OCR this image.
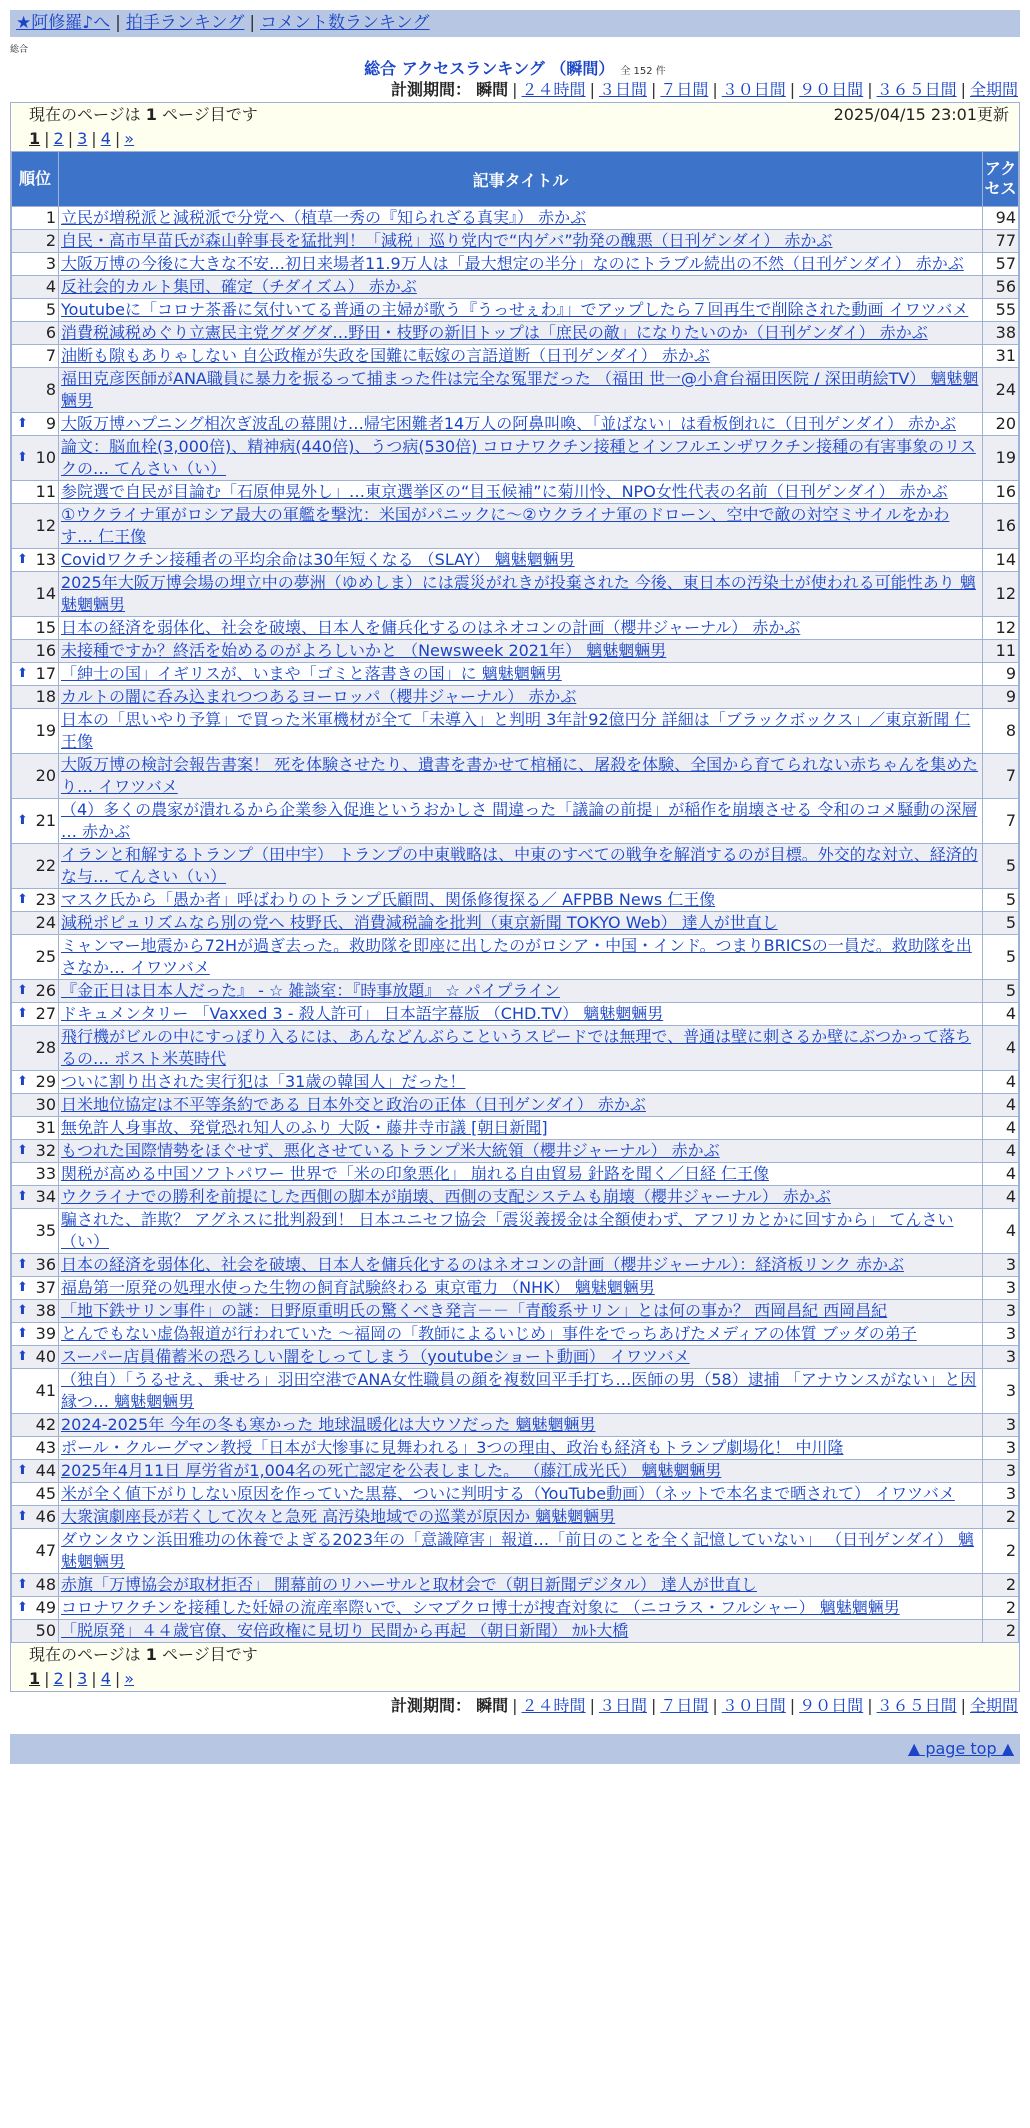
★阿修羅♪へ | 拍手ランキング | コメント数ランキング
総合
総合 アクセスランキング （瞬間） 全 152 件
計測期間： 瞬間 | ２４時間 | ３日間 | ７日間 | ３０日間 | ９０日間 | ３６５日間 | 全期間
現在のページは 1 ページ目です	2025/04/15 23:01更新
1 | 2 | 3 | 4 | »
順位	記事タイトル	アクセス
1	立民が増税派と減税派で分党へ（植草一秀の『知られざる真実』） 赤かぶ	94
2	自民・高市早苗氏が森山幹事長を猛批判！「減税」巡り党内で“内ゲバ”勃発の醜悪（日刊ゲンダイ） 赤かぶ	77
3	大阪万博の今後に大きな不安…初日来場者11.9万人は「最大想定の半分」なのにトラブル続出の不然（日刊ゲンダイ） 赤かぶ	57
4	反社会的カルト集団、確定（チダイズム） 赤かぶ	56
5	Youtubeに「コロナ茶番に気付いてる普通の主婦が歌う『うっせぇわ』」でアップしたら７回再生で削除された動画 イワツバメ	55
6	消費税減税めぐり立憲民主党グダグダ…野田・枝野の新旧トップは「庶民の敵」になりたいのか（日刊ゲンダイ） 赤かぶ	38
7	油断も隙もありゃしない 自公政権が失政を国難に転嫁の言語道断（日刊ゲンダイ） 赤かぶ	31
8	福田克彦医師がANA職員に暴力を振るって捕まった件は完全な冤罪だった （福田 世一@小倉台福田医院 / 深田萌絵TV） 魑魅魍魎男	24

⬆ 9	大阪万博ハプニング相次ぎ波乱の幕開け…帰宅困難者14万人の阿鼻叫喚、「並ばない」は看板倒れに（日刊ゲンダイ） 赤かぶ	20

⬆ 10	論文：脳血栓(3,000倍)、精神病(440倍)、うつ病(530倍) コロナワクチン接種とインフルエンザワクチン接種の有害事象のリスクの… てんさい（い）	19
11	参院選で自民が目論む「石原伸晃外し」…東京選挙区の“目玉候補”に菊川怜、NPO女性代表の名前（日刊ゲンダイ） 赤かぶ	16
12	①ウクライナ軍がロシア最大の軍艦を撃沈：米国がパニックに～②ウクライナ軍のドローン、空中で敵の対空ミサイルをかわす… 仁王像	16

⬆ 13	Covidワクチン接種者の平均余命は30年短くなる （SLAY） 魑魅魍魎男	14
14	2025年大阪万博会場の埋立中の夢洲（ゆめしま）には震災がれきが投棄された 今後、東日本の汚染土が使われる可能性あり 魑魅魍魎男	12
15	日本の経済を弱体化、社会を破壊、日本人を傭兵化するのはネオコンの計画（櫻井ジャーナル） 赤かぶ	12
16	未接種ですか？終活を始めるのがよろしいかと （Newsweek 2021年） 魑魅魍魎男	11

⬆ 17	「紳士の国」イギリスが、いまや「ゴミと落書きの国」に 魑魅魍魎男	9
18	カルトの闇に呑み込まれつつあるヨーロッパ（櫻井ジャーナル） 赤かぶ	9
19	日本の「思いやり予算」で買った米軍機材が全て「未導入」と判明 3年計92億円分 詳細は「ブラックボックス」／東京新聞 仁王像	8
20	大阪万博の検討会報告書案！ 死を体験させたり、遺書を書かせて棺桶に、屠殺を体験、全国から育てられない赤ちゃんを集めたり… イワツバメ	7

⬆ 21	（4）多くの農家が潰れるから企業参入促進というおかしさ 間違った「議論の前提」が稲作を崩壊させる 令和のコメ騒動の深層 … 赤かぶ	7
22	イランと和解するトランプ（田中宇） トランプの中東戦略は、中東のすべての戦争を解消するのが目標。外交的な対立、経済的な与… てんさい（い）	5

⬆ 23	マスク氏から「愚か者」呼ばわりのトランプ氏顧問、関係修復探る／ AFPBB News 仁王像	5
24	減税ポピュリズムなら別の党へ 枝野氏、消費減税論を批判（東京新聞 TOKYO Web） 達人が世直し	5
25	ミャンマー地震から72Hが過ぎ去った。救助隊を即座に出したのがロシア・中国・インド。つまりBRICSの一員だ。救助隊を出さなか… イワツバメ	5

⬆ 26	『金正日は日本人だった』 - ☆ 雑談室：『時事放題』 ☆ パイプライン	5

⬆ 27	ドキュメンタリー 「Vaxxed 3 - 殺人許可」 日本語字幕版 （CHD.TV） 魑魅魍魎男	4
28	飛行機がビルの中にすっぽり入るには、あんなどんぶらこというスピードでは無理で、普通は壁に刺さるか壁にぶつかって落ちるの… ポスト米英時代	4

⬆ 29	ついに割り出された実行犯は「31歳の韓国人」だった！	4
30	日米地位協定は不平等条約である 日本外交と政治の正体（日刊ゲンダイ） 赤かぶ	4
31	無免許人身事故、発覚恐れ知人のふり 大阪・藤井寺市議 [朝日新聞]	4

⬆ 32	もつれた国際情勢をほぐせず、悪化させているトランプ米大統領（櫻井ジャーナル） 赤かぶ	4
33	関税が高める中国ソフトパワー 世界で「米の印象悪化」 崩れる自由貿易 針路を聞く／日経 仁王像	4

⬆ 34	ウクライナでの勝利を前提にした西側の脚本が崩壊、西側の支配システムも崩壊（櫻井ジャーナル） 赤かぶ	4
35	騙された、詐欺？ アグネスに批判殺到！ 日本ユニセフ協会「震災義援金は全額使わず、アフリカとかに回すから」 てんさい（い）	4

⬆ 36	日本の経済を弱体化、社会を破壊、日本人を傭兵化するのはネオコンの計画（櫻井ジャーナル）：経済板リンク 赤かぶ	3

⬆ 37	福島第一原発の処理水使った生物の飼育試験終わる 東京電力 （NHK） 魑魅魍魎男	3

⬆ 38	「地下鉄サリン事件」の謎：日野原重明氏の驚くべき発言－－「青酸系サリン」とは何の事か？ 西岡昌紀 西岡昌紀	3

⬆ 39	とんでもない虚偽報道が行われていた ～福岡の「教師によるいじめ」事件をでっちあげたメディアの体質 ブッダの弟子	3

⬆ 40	スーパー店員備蓄米の恐ろしい闇をしってしまう（youtubeショート動画） イワツバメ	3
41	（独自）「うるせえ、乗せろ」羽田空港でANA女性職員の顔を複数回平手打ち…医師の男（58）逮捕 「アナウンスがない」と因縁つ… 魑魅魍魎男	3
42	2024-2025年 今年の冬も寒かった 地球温暖化は大ウソだった 魑魅魍魎男	3
43	ポール・クルーグマン教授「日本が大惨事に見舞われる」3つの理由、政治も経済もトランプ劇場化！ 中川隆	3

⬆ 44	2025年4月11日 厚労省が1,004名の死亡認定を公表しました。 （藤江成光氏） 魑魅魍魎男	3
45	米が全く値下がりしない原因を作っていた黒幕、ついに判明する（YouTube動画）（ネットで本名まで晒されて） イワツバメ	3

⬆ 46	大衆演劇座長が若くして次々と急死 高汚染地域での巡業が原因か 魑魅魍魎男	2
47	ダウンタウン浜田雅功の休養でよぎる2023年の「意識障害」報道…「前日のことを全く記憶していない」 （日刊ゲンダイ） 魑魅魍魎男	2

⬆ 48	赤旗「万博協会が取材拒否」 開幕前のリハーサルと取材会で（朝日新聞デジタル） 達人が世直し	2

⬆ 49	コロナワクチンを接種した妊婦の流産率際いで、シマブクロ博士が捜査対象に （ニコラス・フルシャー） 魑魅魍魎男	2
50	「脱原発」４４歳官僚、安倍政権に見切り 民間から再起 （朝日新聞） ｶﾙﾄ大橋	2
現在のページは 1 ページ目です
1 | 2 | 3 | 4 | »
計測期間： 瞬間 | ２４時間 | ３日間 | ７日間 | ３０日間 | ９０日間 | ３６５日間 | 全期間
▲ page top ▲
